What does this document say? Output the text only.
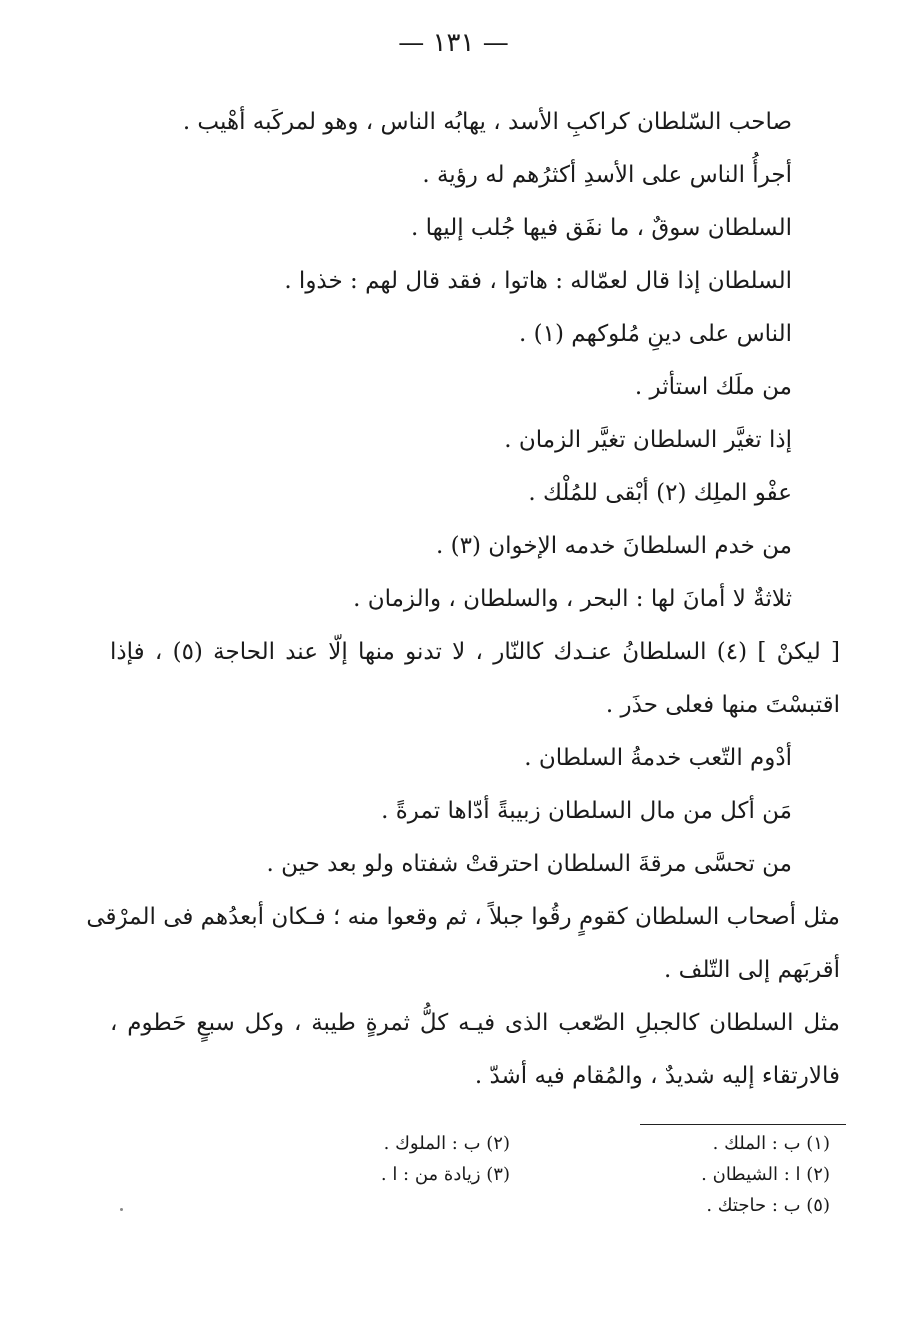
— ١٣١ —
صاحب السّلطان كراكبِ الأسد ، يهابُه الناس ، وهو لمركَبه أهْيب .
أجرأُ الناس على الأسدِ أكثرُهم له رؤية .
السلطان سوقٌ ، ما نفَق فيها جُلب إليها .
السلطان إذا قال لعمّاله : هاتوا ، فقد قال لهم : خذوا .
الناس على دينِ مُلوكهم (١) .
من ملَك استأثر .
إذا تغيَّر السلطان تغيَّر الزمان .
عفْو الملِك (٢) أبْقى للمُلْك .
من خدم السلطانَ خدمه الإخوان (٣) .
ثلاثةٌ لا أمانَ لها : البحر ، والسلطان ، والزمان .
[ ليكنْ ] (٤) السلطانُ عنـدك كالنّار ، لا تدنو منها إلّا عند الحاجة (٥) ، فإذا
اقتبسْتَ منها فعلى حذَر .
أدْوم التّعب خدمةُ السلطان .
مَن أكل من مال السلطان زبيبةً أدّاها تمرةً .
من تحسَّى مرقةَ السلطان احترقتْ شفتاه ولو بعد حين .
مثل أصحاب السلطان كقومٍ رقُوا جبلاً ، ثم وقعوا منه ؛ فـكان أبعدُهم فى المرْقى
أقربَهم إلى التّلف .
مثل السلطان كالجبلِ الصّعب الذى فيـه كلُّ ثمرةٍ طيبة ، وكل سبعٍ حَطوم ،
فالارتقاء إليه شديدٌ ، والمُقام فيه أشدّ .
(١) ب : الملك .
(٢) ب : الملوك .
(٢) ا : الشيطان .
(٣) زيادة من : ا .
(٥) ب : حاجتك .
